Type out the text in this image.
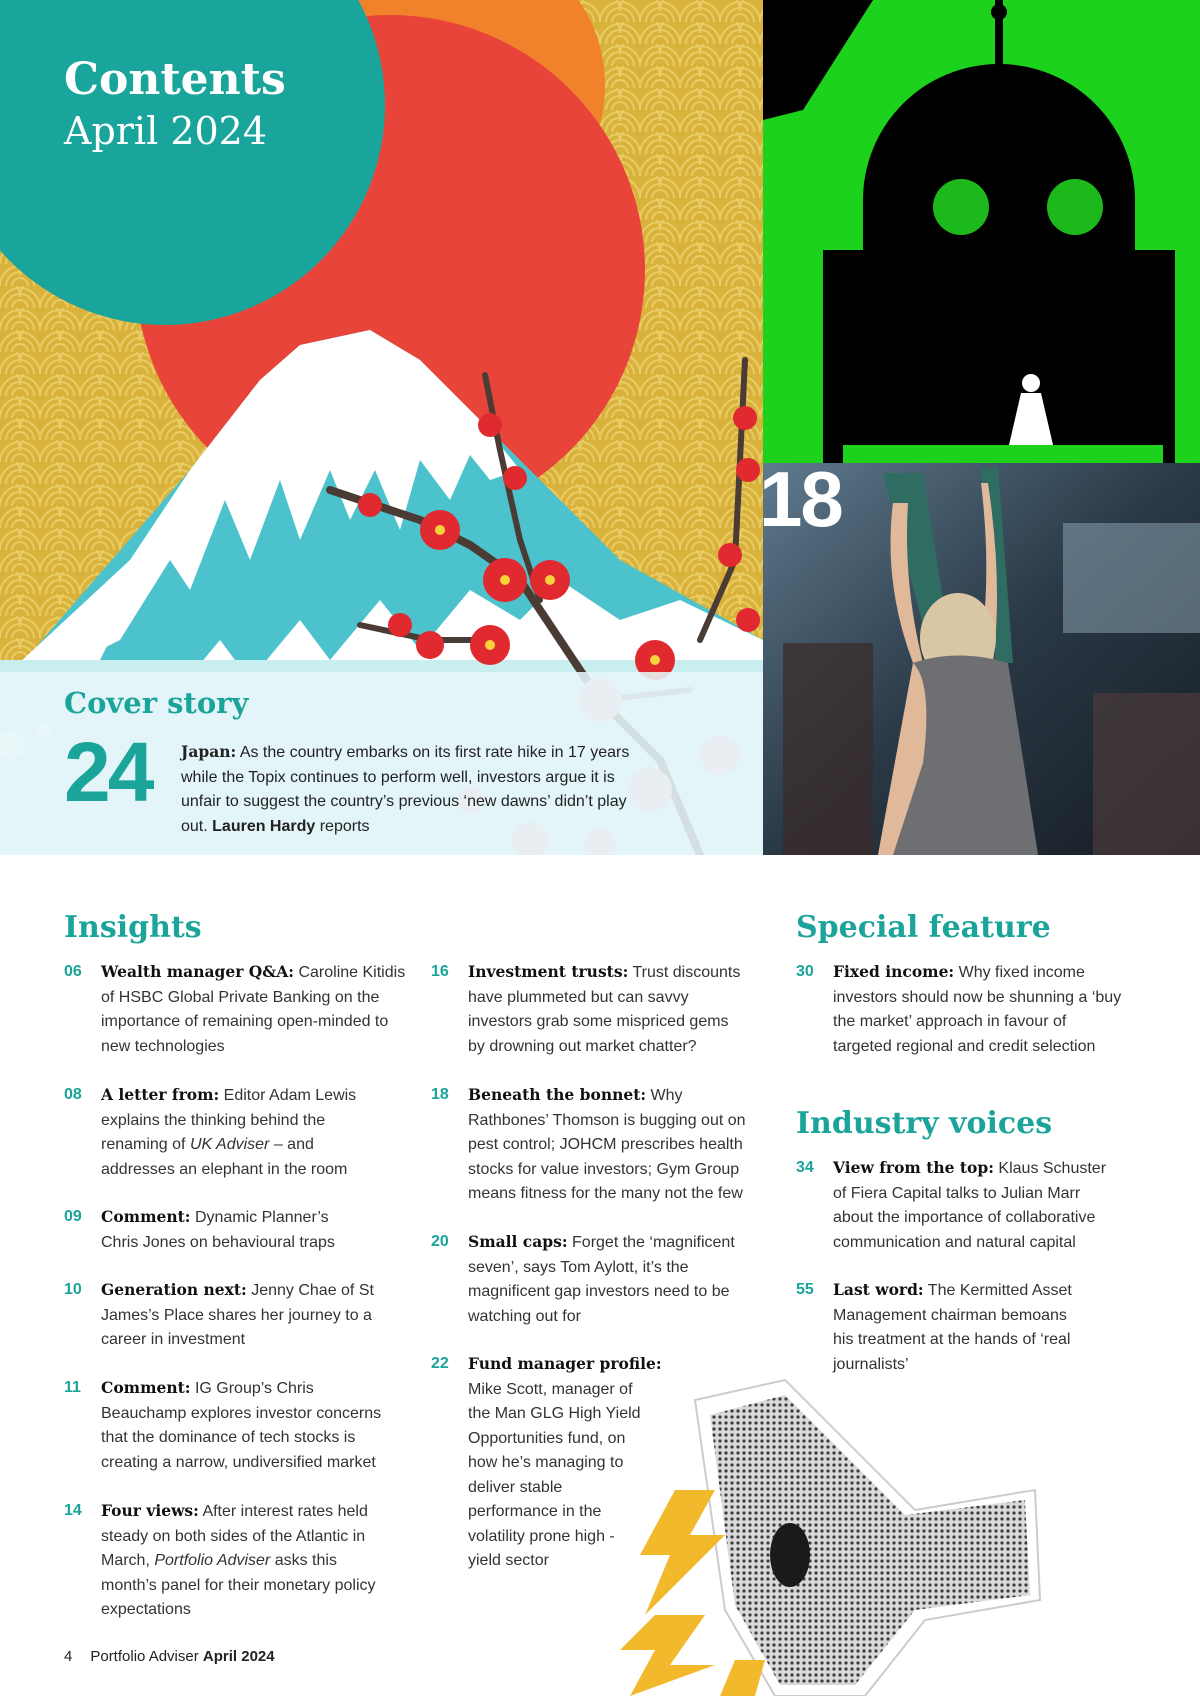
Contents
April 2024
Cover story
24 Japan: As the country embarks on its first rate hike in 17 years while the Topix continues to perform well, investors argue it is unfair to suggest the country’s previous ‘new dawns’ didn’t play out. Lauren Hardy reports
18
Insights
06 Wealth manager Q&A: Caroline Kitidis of HSBC Global Private Banking on the importance of remaining open-minded to new technologies
08 A letter from: Editor Adam Lewis explains the thinking behind the renaming of UK Adviser – and addresses an elephant in the room
09 Comment: Dynamic Planner’s Chris Jones on behavioural traps
10 Generation next: Jenny Chae of St James’s Place shares her journey to a career in investment
11 Comment: IG Group’s Chris Beauchamp explores investor concerns that the dominance of tech stocks is creating a narrow, undiversified market
14 Four views: After interest rates held steady on both sides of the Atlantic in March, Portfolio Adviser asks this month’s panel for their monetary policy expectations
16 Investment trusts: Trust discounts have plummeted but can savvy investors grab some mispriced gems by drowning out market chatter?
18 Beneath the bonnet: Why Rathbones’ Thomson is bugging out on pest control; JOHCM prescribes health stocks for value investors; Gym Group means fitness for the many not the few
20 Small caps: Forget the ‘magnificent seven’, says Tom Aylott, it’s the magnificent gap investors need to be watching out for
22 Fund manager profile: Mike Scott, manager of the Man GLG High Yield Opportunities fund, on how he’s managing to deliver stable performance in the volatility prone high -yield sector
Special feature
30 Fixed income: Why fixed income investors should now be shunning a ‘buy the market’ approach in favour of targeted regional and credit selection
Industry voices
34 View from the top: Klaus Schuster of Fiera Capital talks to Julian Marr about the importance of collaborative communication and natural capital
55 Last word: The Kermitted Asset Management chairman bemoans his treatment at the hands of ‘real journalists’
4 Portfolio Adviser April 2024
